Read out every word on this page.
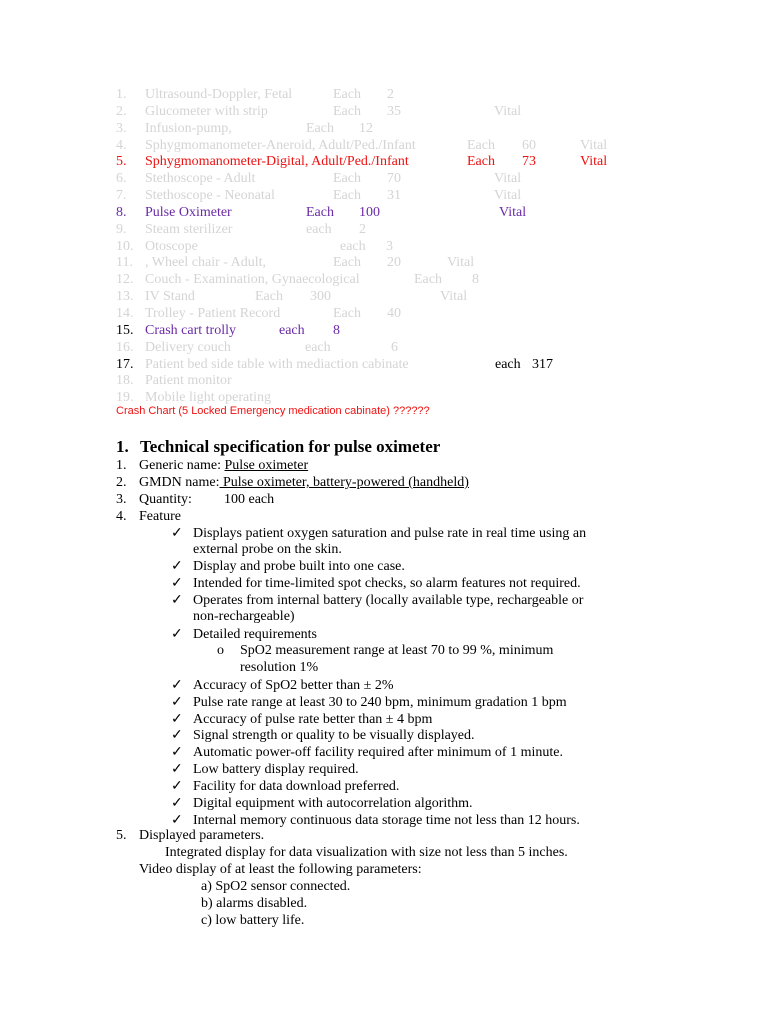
1.	Ultrasound-Doppler, Fetal	Each 2
2.	Glucometer with strip	Each 35	Vital
3.	Infusion-pump,	Each 12
4.	Sphygmomanometer-Aneroid, Adult/Ped./Infant	Each 60	Vital
5.	Sphygmomanometer-Digital, Adult/Ped./Infant	Each 73	Vital
6.	Stethoscope - Adult	Each 70	Vital
7.	Stethoscope - Neonatal	Each 31	Vital
8.	Pulse Oximeter	Each 100	Vital
9.	Steam sterilizer	each 2
10. Otoscope	each 3
11. , Wheel chair - Adult,	Each 20	Vital
12. Couch - Examination, Gynaecological	Each 8
13. IV Stand	Each 300	Vital
14. Trolley - Patient Record	Each 40
15. Crash cart trolly	each 8
16. Delivery couch	each	6
17. Patient bed side table with mediaction cabinate	each 317
18. Patient monitor
19. Mobile light operating
Crash Chart (5 Locked Emergency medication cabinate) ??????
1. Technical specification for pulse oximeter
1. Generic name: Pulse oximeter
2. GMDN name: Pulse oximeter, battery-powered (handheld)
3. Quantity: 100 each
4. Feature
✓ Displays patient oxygen saturation and pulse rate in real time using an
external probe on the skin.
✓ Display and probe built into one case.
✓ Intended for time-limited spot checks, so alarm features not required.
✓ Operates from internal battery (locally available type, rechargeable or
non-rechargeable)
✓ Detailed requirements
o SpO2 measurement range at least 70 to 99 %, minimum
resolution 1%
✓ Accuracy of SpO2 better than ± 2%
✓ Pulse rate range at least 30 to 240 bpm, minimum gradation 1 bpm
✓ Accuracy of pulse rate better than ± 4 bpm
✓ Signal strength or quality to be visually displayed.
✓ Automatic power-off facility required after minimum of 1 minute.
✓ Low battery display required.
✓ Facility for data download preferred.
✓ Digital equipment with autocorrelation algorithm.
✓ Internal memory continuous data storage time not less than 12 hours.
5. Displayed parameters.
Integrated display for data visualization with size not less than 5 inches.
Video display of at least the following parameters:
a) SpO2 sensor connected.
b) alarms disabled.
c) low battery life.
